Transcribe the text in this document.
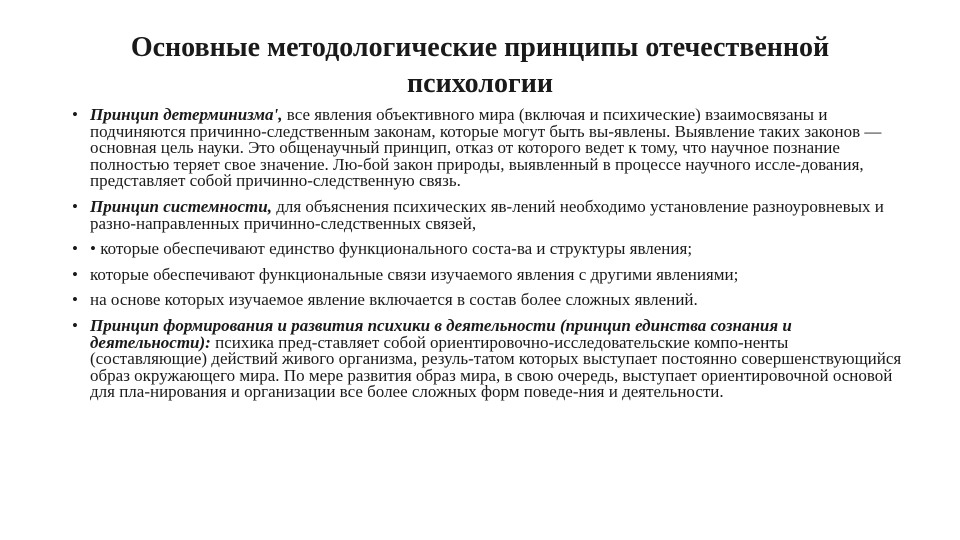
Основные методологические принципы отечественной психологии
• Принцип детерминизма', все явления объективного мира (включая и психические) взаимосвязаны и подчиняются причинно-следственным законам, которые могут быть вы-явлены. Выявление таких законов — основная цель науки. Это общенаучный принцип, отказ от которого ведет к тому, что научное познание полностью теряет свое значение. Лю-бой закон природы, выявленный в процессе научного иссле-дования, представляет собой причинно-следственную связь.
• Принцип системности, для объяснения психических яв-лений необходимо установление разноуровневых и разно-направленных причинно-следственных связей,
• • которые обеспечивают единство функционального соста-ва и структуры явления;
• которые обеспечивают функциональные связи изучаемого явления с другими явлениями;
• на основе которых изучаемое явление включается в состав более сложных явлений.
• Принцип формирования и развития психики в деятельности (принцип единства сознания и деятельности): психика пред-ставляет собой ориентировочно-исследовательские компо-ненты (составляющие) действий живого организма, резуль-татом которых выступает постоянно совершенствующийся образ окружающего мира. По мере развития образ мира, в свою очередь, выступает ориентировочной основой для пла-нирования и организации все более сложных форм поведе-ния и деятельности.
